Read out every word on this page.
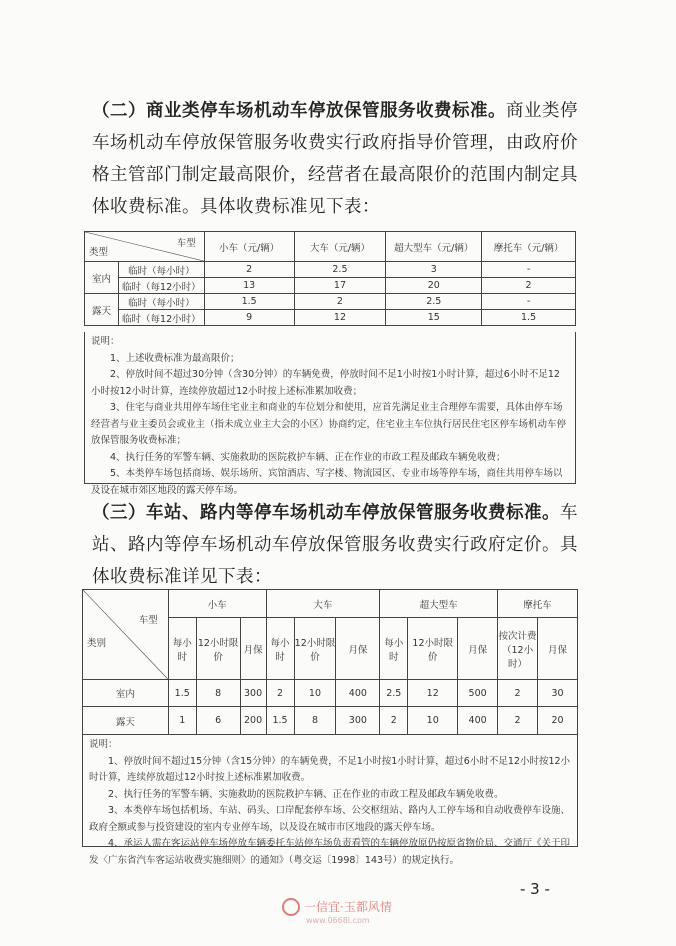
（二）商业类停车场机动车停放保管服务收费标准。商业类停车场机动车停放保管服务收费实行政府指导价管理，由政府价格主管部门制定最高限价，经营者在最高限价的范围内制定具体收费标准。具体收费标准见下表：
车型
类型		小车（元/辆）	大车（元/辆）	超大型车（元/辆）	摩托车（元/辆）
室内	临时（每小时）	2	2.5	3	-
	临时（每12小时）	13	17	20	2
露天	临时（每小时）	1.5	2	2.5	-
	临时（每12小时）	9	12	15	1.5

说明：

1、上述收费标准为最高限价；

2、停放时间不超过30分钟（含30分钟）的车辆免费，停放时间不足1小时按1小时计算，超过6小时不足12小时按12小时计算，连续停放超过12小时按上述标准累加收费；

3、住宅与商业共用停车场住宅业主和商业的车位划分和使用，应首先满足业主合理停车需要，具体由停车场经营者与业主委员会或业主（指未成立业主大会的小区）协商约定，住宅业主车位执行居民住宅区停车场机动车停放保管服务收费标准；

4、执行任务的军警车辆、实施救助的医院救护车辆、正在作业的市政工程及邮政车辆免收费；

5、本类停车场包括商场、娱乐场所、宾馆酒店、写字楼、物流园区、专业市场等停车场，商住共用停车场以及设在城市郊区地段的露天停车场。

（三）车站、路内等停车场机动车停放保管服务收费标准。车站、路内等停车场机动车停放保管服务收费实行政府定价。具体收费标准详见下表：
车型
类别	小车			大车			超大型车			摩托车	
	每小时	12小时限价	月保	每小时	12小时限价	月保	每小时	12小时限价	月保	按次计费（12小时）	月保
室内	1.5	8	300	2	10	400	2.5	12	500	2	30
露天	1	6	200	1.5	8	300	2	10	400	2	20

说明：

1、停放时间不超过15分钟（含15分钟）的车辆免费，不足1小时按1小时计算，超过6小时不足12小时按12小时计算，连续停放超过12小时按上述标准累加收费。

2、执行任务的军警车辆、实施救助的医院救护车辆、正在作业的市政工程及邮政车辆免收费。

3、本类停车场包括机场、车站、码头、口岸配套停车场、公交枢纽站、路内人工停车场和自动收费停车设施、政府全额或参与投资建设的室内专业停车场，以及设在城市市区地段的露天停车场。

4、承运人需在客运站停车场停放车辆委托车站停车场负责看管的车辆停放原仍按原省物价局、交通厅《关于印发〈广东省汽车客运站收费实施细则〉的通知》（粤交运〔1998〕143号）的规定执行。

- 3 -
一信宜·玉都风情
www.0668l.com
